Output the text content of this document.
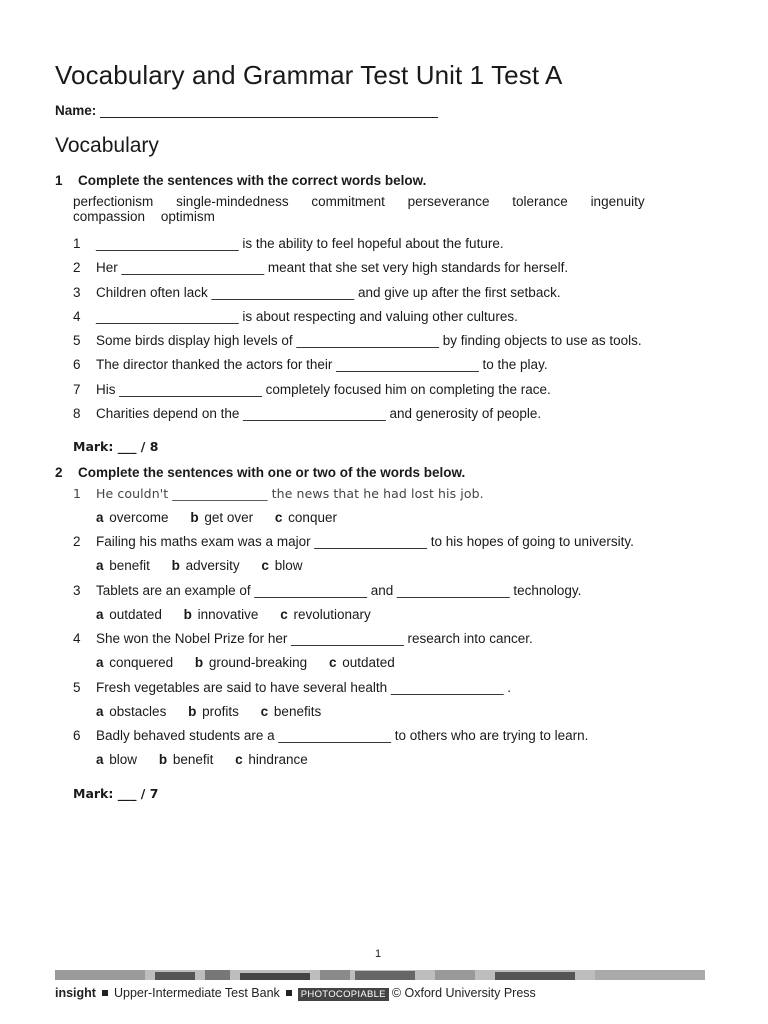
Vocabulary and Grammar Test Unit 1 Test A
Name:
Vocabulary
1 Complete the sentences with the correct words below.
perfectionism single-mindedness commitment perseverance tolerance ingenuity
compassion optimism
1 ___________________ is the ability to feel hopeful about the future.
2 Her ___________________ meant that she set very high standards for herself.
3 Children often lack ___________________ and give up after the first setback.
4 ___________________ is about respecting and valuing other cultures.
5 Some birds display high levels of ___________________ by finding objects to use as tools.
6 The director thanked the actors for their ___________________ to the play.
7 His ___________________ completely focused him on completing the race.
8 Charities depend on the ___________________ and generosity of people.
Mark: ___ / 8
2 Complete the sentences with one or two of the words below.
1 He couldn't _______________ the news that he had lost his job.
a overcome b get over c conquer
2 Failing his maths exam was a major _______________ to his hopes of going to university.
a benefit b adversity c blow
3 Tablets are an example of _______________ and _______________ technology.
a outdated b innovative c revolutionary
4 She won the Nobel Prize for her _______________ research into cancer.
a conquered b ground-breaking c outdated
5 Fresh vegetables are said to have several health _______________ .
a obstacles b profits c benefits
6 Badly behaved students are a _______________ to others who are trying to learn.
a blow b benefit c hindrance
Mark: ___ / 7
1
insight Upper-Intermediate Test Bank PHOTOCOPIABLE © Oxford University Press
